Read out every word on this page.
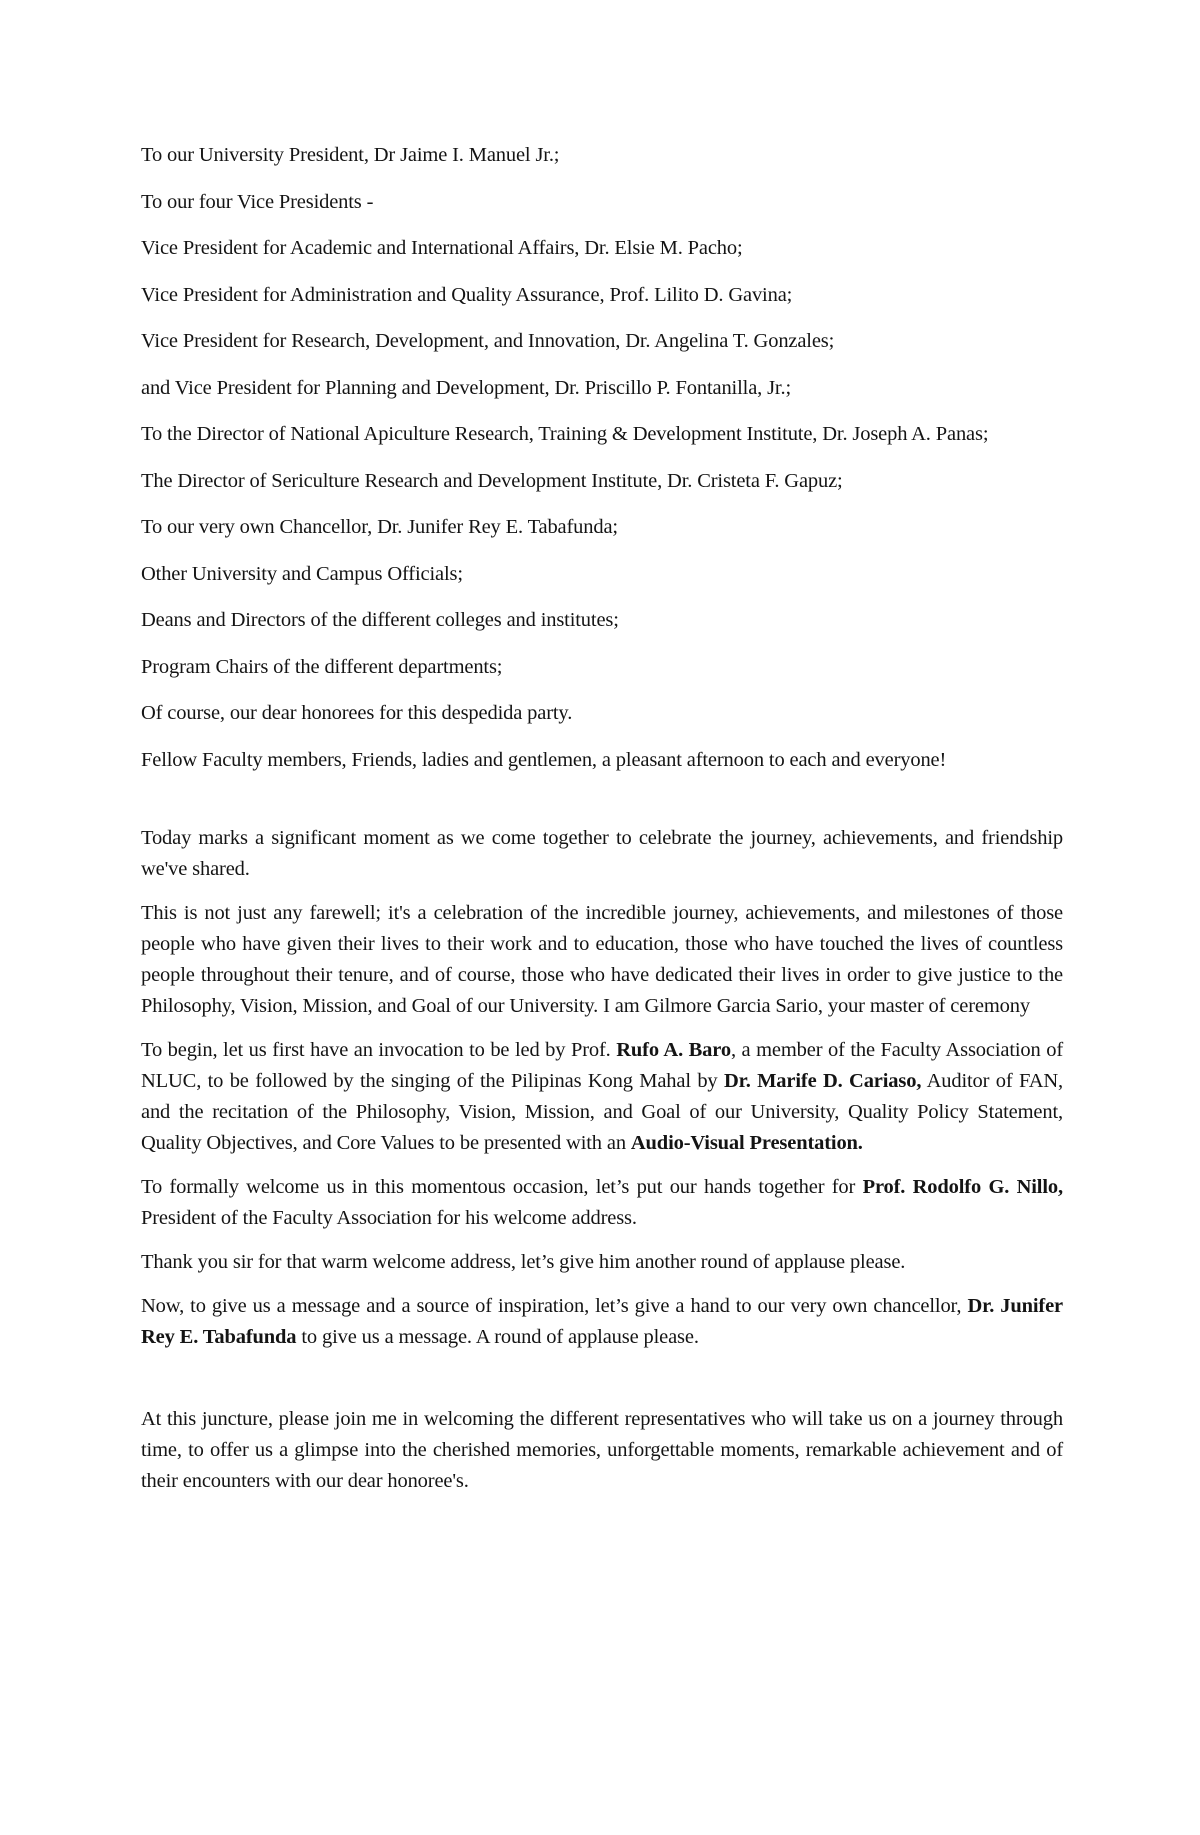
To our University President, Dr Jaime I. Manuel Jr.;

To our four Vice Presidents -

Vice President for Academic and International Affairs, Dr. Elsie M. Pacho;

Vice President for Administration and Quality Assurance, Prof. Lilito D. Gavina;

Vice President for Research, Development, and Innovation, Dr. Angelina T. Gonzales;

and Vice President for Planning and Development, Dr. Priscillo P. Fontanilla, Jr.;

To the Director of National Apiculture Research, Training & Development Institute, Dr. Joseph A. Panas;

The Director of Sericulture Research and Development Institute, Dr. Cristeta F. Gapuz;

To our very own Chancellor, Dr. Junifer Rey E. Tabafunda;

Other University and Campus Officials;

Deans and Directors of the different colleges and institutes;

Program Chairs of the different departments;

Of course, our dear honorees for this despedida party.

Fellow Faculty members, Friends, ladies and gentlemen, a pleasant afternoon to each and everyone!

Today marks a significant moment as we come together to celebrate the journey, achievements, and friendship we've shared.

This is not just any farewell; it's a celebration of the incredible journey, achievements, and milestones of those people who have given their lives to their work and to education, those who have touched the lives of countless people throughout their tenure, and of course, those who have dedicated their lives in order to give justice to the Philosophy, Vision, Mission, and Goal of our University. I am Gilmore Garcia Sario, your master of ceremony

To begin, let us first have an invocation to be led by Prof. Rufo A. Baro, a member of the Faculty Association of NLUC, to be followed by the singing of the Pilipinas Kong Mahal by Dr. Marife D. Cariaso, Auditor of FAN, and the recitation of the Philosophy, Vision, Mission, and Goal of our University, Quality Policy Statement, Quality Objectives, and Core Values to be presented with an Audio-Visual Presentation.

To formally welcome us in this momentous occasion, let’s put our hands together for Prof. Rodolfo G. Nillo, President of the Faculty Association for his welcome address.

Thank you sir for that warm welcome address, let’s give him another round of applause please.

Now, to give us a message and a source of inspiration, let’s give a hand to our very own chancellor, Dr. Junifer Rey E. Tabafunda to give us a message. A round of applause please.

At this juncture, please join me in welcoming the different representatives who will take us on a journey through time, to offer us a glimpse into the cherished memories, unforgettable moments, remarkable achievement and of their encounters with our dear honoree's.
